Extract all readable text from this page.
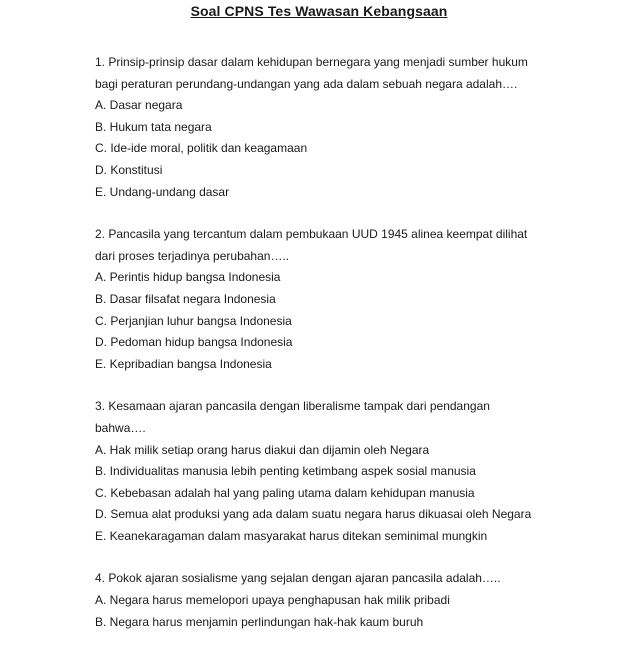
Soal CPNS Tes Wawasan Kebangsaan
1. Prinsip-prinsip dasar dalam kehidupan bernegara yang menjadi sumber hukum
bagi peraturan perundang-undangan yang ada dalam sebuah negara adalah….
A. Dasar negara
B. Hukum tata negara
C. Ide-ide moral, politik dan keagamaan
D. Konstitusi
E. Undang-undang dasar
2. Pancasila yang tercantum dalam pembukaan UUD 1945 alinea keempat dilihat
dari proses terjadinya perubahan…..
A. Perintis hidup bangsa Indonesia
B. Dasar filsafat negara Indonesia
C. Perjanjian luhur bangsa Indonesia
D. Pedoman hidup bangsa Indonesia
E. Kepribadian bangsa Indonesia
3. Kesamaan ajaran pancasila dengan liberalisme tampak dari pendangan
bahwa….
A. Hak milik setiap orang harus diakui dan dijamin oleh Negara
B. Individualitas manusia lebih penting ketimbang aspek sosial manusia
C. Kebebasan adalah hal yang paling utama dalam kehidupan manusia
D. Semua alat produksi yang ada dalam suatu negara harus dikuasai oleh Negara
E. Keanekaragaman dalam masyarakat harus ditekan seminimal mungkin
4. Pokok ajaran sosialisme yang sejalan dengan ajaran pancasila adalah…..
A. Negara harus memelopori upaya penghapusan hak milik pribadi
B. Negara harus menjamin perlindungan hak-hak kaum buruh
